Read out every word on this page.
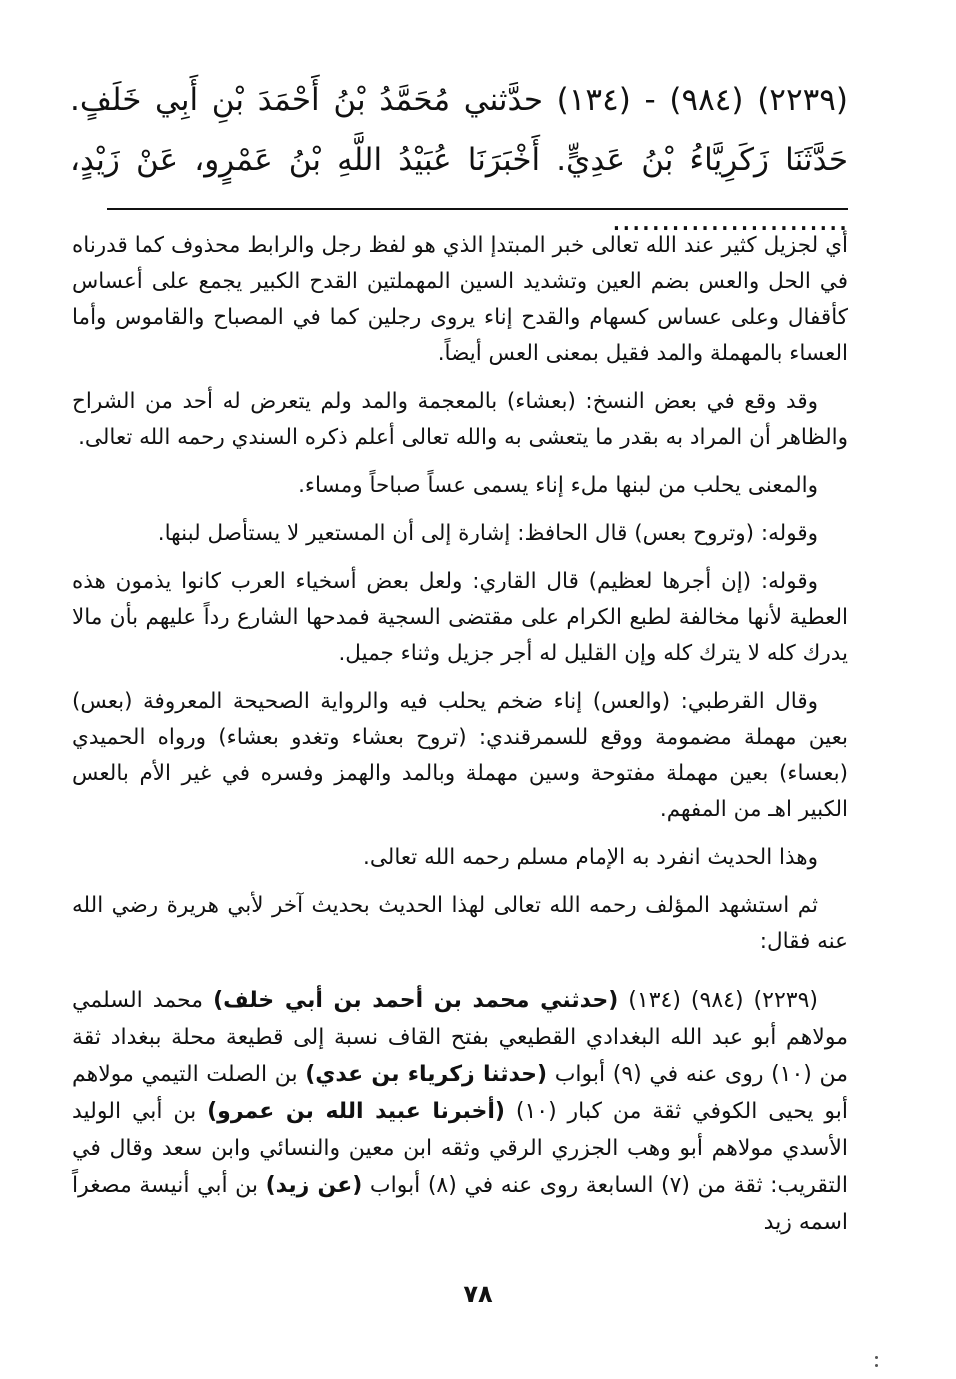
(٢٢٣٩) (٩٨٤) - (١٣٤) حدَّثني مُحَمَّدُ بْنُ أَحْمَدَ بْنِ أَبِي خَلَفٍ. حَدَّثَنَا زَكَرِيَّاءُ بْنُ عَدِيٍّ. أَخْبَرَنَا عُبَيْدُ اللَّهِ بْنُ عَمْرٍو، عَنْ زَيْدٍ، ........................

أي لجزيل كثير عند الله تعالى خبر المبتدإ الذي هو لفظ رجل والرابط محذوف كما قدرناه في الحل والعس بضم العين وتشديد السين المهملتين القدح الكبير يجمع على أعساس كأقفال وعلى عساس كسهام والقدح إناء يروى رجلين كما في المصباح والقاموس وأما العساء بالمهملة والمد فقيل بمعنى العس أيضاً.

وقد وقع في بعض النسخ: (بعشاء) بالمعجمة والمد ولم يتعرض له أحد من الشراح والظاهر أن المراد به بقدر ما يتعشى به والله تعالى أعلم ذكره السندي رحمه الله تعالى.

والمعنى يحلب من لبنها ملء إناء يسمى عساً صباحاً ومساء.

وقوله: (وتروح بعس) قال الحافظ: إشارة إلى أن المستعير لا يستأصل لبنها.

وقوله: (إن أجرها لعظيم) قال القاري: ولعل بعض أسخياء العرب كانوا يذمون هذه العطية لأنها مخالفة لطبع الكرام على مقتضى السجية فمدحها الشارع رداً عليهم بأن مالا يدرك كله لا يترك كله وإن القليل له أجر جزيل وثناء جميل.

وقال القرطبي: (والعس) إناء ضخم يحلب فيه والرواية الصحيحة المعروفة (بعس) بعين مهملة مضمومة ووقع للسمرقندي: (تروح بعشاء وتغدو بعشاء) ورواه الحميدي (بعساء) بعين مهملة مفتوحة وسين مهملة وبالمد والهمز وفسره في غير الأم بالعس الكبير اهـ من المفهم.

وهذا الحديث انفرد به الإمام مسلم رحمه الله تعالى.

ثم استشهد المؤلف رحمه الله تعالى لهذا الحديث بحديث آخر لأبي هريرة رضي الله عنه فقال:

(٢٢٣٩) (٩٨٤) (١٣٤) (حدثني محمد بن أحمد بن أبي خلف) محمد السلمي مولاهم أبو عبد الله البغدادي القطيعي بفتح القاف نسبة إلى قطيعة محلة ببغداد ثقة من (١٠) روى عنه في (٩) أبواب (حدثنا زكرياء بن عدي) بن الصلت التيمي مولاهم أبو يحيى الكوفي ثقة من كبار (١٠) (أخبرنا عبيد الله بن عمرو) بن أبي الوليد الأسدي مولاهم أبو وهب الجزري الرقي وثقه ابن معين والنسائي وابن سعد وقال في التقريب: ثقة من (٧) السابعة روى عنه في (٨) أبواب (عن زيد) بن أبي أنيسة مصغراً اسمه زيد

٧٨
